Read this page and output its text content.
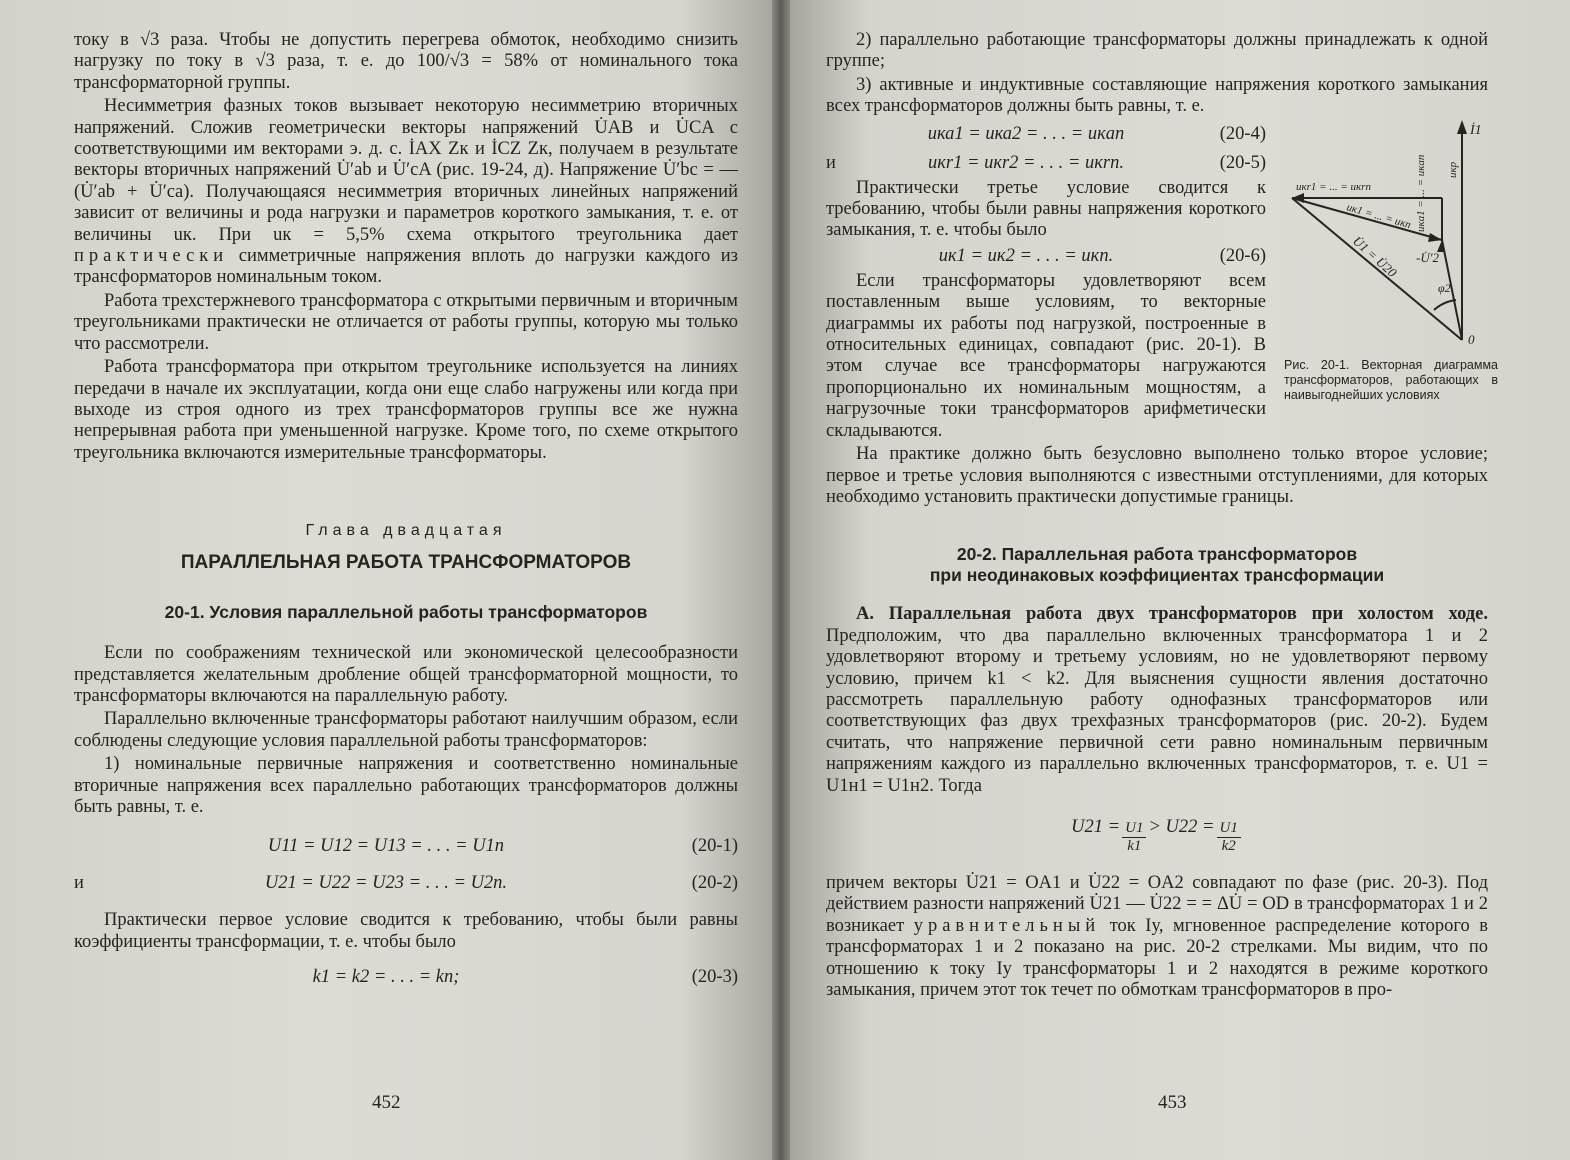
току в √3 раза. Чтобы не допустить перегрева обмоток, необходимо снизить нагрузку по току в √3 раза, т. е. до 100/√3 = 58% от номинального тока трансформаторной группы.

Несимметрия фазных токов вызывает некоторую несимметрию вторичных напряжений. Сложив геометрически векторы напряжений U̇AB и U̇CA с соответствующими им векторами э. д. с. İAX Zк и İCZ Zк, получаем в результате векторы вторичных напряжений U̇′ab и U̇′cA (рис. 19-24, д). Напряжение U̇′bc = — (U̇′ab + U̇′ca). Получающаяся несимметрия вторичных линейных напряжений зависит от величины и рода нагрузки и параметров короткого замыкания, т. е. от величины uк. При uк = 5,5% схема открытого треугольника дает практически симметричные напряжения вплоть до нагрузки каждого из трансформаторов номинальным током.

Работа трехстержневого трансформатора с открытыми первичным и вторичным треугольниками практически не отличается от работы группы, которую мы только что рассмотрели.

Работа трансформатора при открытом треугольнике используется на линиях передачи в начале их эксплуатации, когда они еще слабо нагружены или когда при выходе из строя одного из трех трансформаторов группы все же нужна непрерывная работа при уменьшенной нагрузке. Кроме того, по схеме открытого треугольника включаются измерительные трансформаторы.

Глава двадцатая
ПАРАЛЛЕЛЬНАЯ РАБОТА ТРАНСФОРМАТОРОВ
20-1. Условия параллельной работы трансформаторов

Если по соображениям технической или экономической целесообразности представляется желательным дробление общей трансформаторной мощности, то трансформаторы включаются на параллельную работу.

Параллельно включенные трансформаторы работают наилучшим образом, если соблюдены следующие условия параллельной работы трансформаторов:

1) номинальные первичные напряжения и соответственно номинальные вторичные напряжения всех параллельно работающих трансформаторов должны быть равны, т. е.

U11 = U12 = U13 = . . . = U1n	(20-1)
и	U21 = U22 = U23 = . . . = U2n.	(20-2)

Практически первое условие сводится к требованию, чтобы были равны коэффициенты трансформации, т. е. чтобы было

k1 = k2 = . . . = kn;	(20-3)
452

2) параллельно работающие трансформаторы должны принадлежать к одной группе;

3) активные и индуктивные составляющие напряжения короткого замыкания всех трансформаторов должны быть равны, т. е.

İ1
uкr1 = ... = uкrn
uк1 = ... = uкn uкa1 = ... = uкan uкр
-U̇′2
U̇1 = U̇20
φ2
0
Рис. 20-1. Векторная диаграмма трансформаторов, работающих в наивыгоднейших условиях
uка1 = uка2 = . . . = uкan	(20-4)
и	uкr1 = uкr2 = . . . = uкrn.	(20-5)

Практически третье условие сводится к требованию, чтобы были равны напряжения короткого замыкания, т. е. чтобы было

uк1 = uк2 = . . . = uкn.	(20-6)

Если трансформаторы удовлетворяют всем поставленным выше условиям, то векторные диаграммы их работы под нагрузкой, построенные в относительных единицах, совпадают (рис. 20-1). В этом случае все трансформаторы нагружаются пропорционально их номинальным мощностям, а нагрузочные токи трансформаторов арифметически складываются.

На практике должно быть безусловно выполнено только второе условие; первое и третье условия выполняются с известными отступлениями, для которых необходимо установить практически допустимые границы.

20-2. Параллельная работа трансформаторов
при неодинаковых коэффициентах трансформации

А. Параллельная работа двух трансформаторов при холостом ходе. Предположим, что два параллельно включенных трансформатора 1 и 2 удовлетворяют второму и третьему условиям, но не удовлетворяют первому условию, причем k1 < k2. Для выяснения сущности явления достаточно рассмотреть параллельную работу однофазных трансформаторов или соответствующих фаз двух трехфазных трансформаторов (рис. 20-2). Будем считать, что напряжение первичной сети равно номинальным первичным напряжениям каждого из параллельно включенных трансформаторов, т. е. U1 = U1н1 = U1н2. Тогда

$U21 = \frac{U1}{k1} > U22 = \frac{U1}{k2}$

причем векторы U̇21 = OA1 и U̇22 = OA2 совпадают по фазе (рис. 20-3). Под действием разности напряжений U̇21 — U̇22 = = ΔU̇ = OD в трансформаторах 1 и 2 возникает уравнительный ток Iу, мгновенное распределение которого в трансформаторах 1 и 2 показано на рис. 20-2 стрелками. Мы видим, что по отношению к току Iу трансформаторы 1 и 2 находятся в режиме короткого замыкания, причем этот ток течет по обмоткам трансформаторов в про-

453
